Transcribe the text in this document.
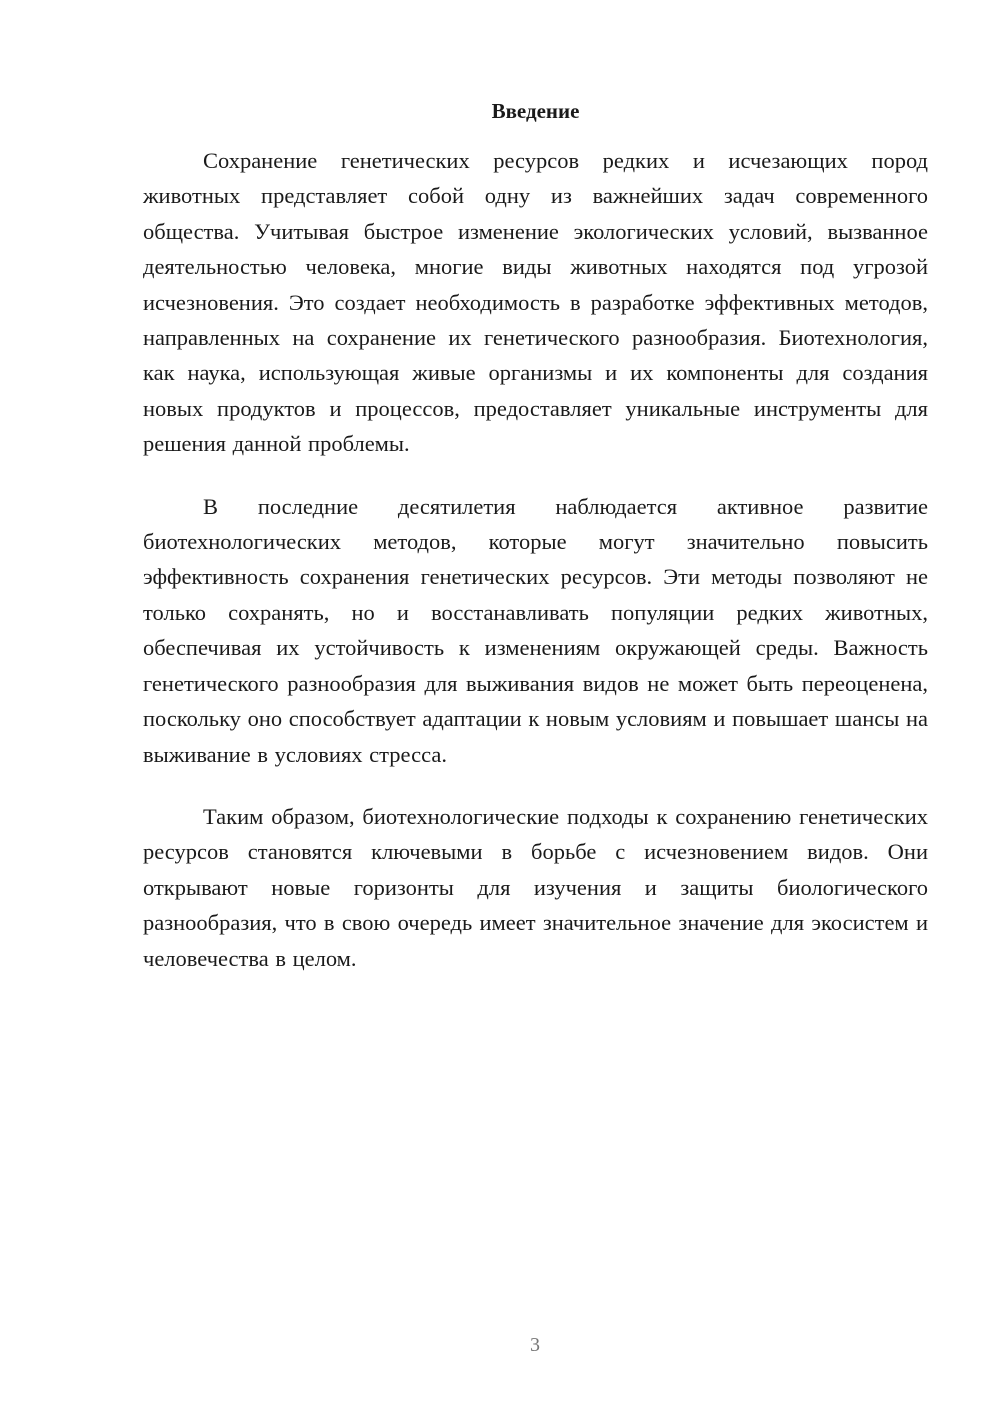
Введение

Сохранение генетических ресурсов редких и исчезающих пород животных представляет собой одну из важнейших задач современного общества. Учитывая быстрое изменение экологических условий, вызванное деятельностью человека, многие виды животных находятся под угрозой исчезновения. Это создает необходимость в разработке эффективных методов, направленных на сохранение их генетического разнообразия. Биотехнология, как наука, использующая живые организмы и их компоненты для создания новых продуктов и процессов, предоставляет уникальные инструменты для решения данной проблемы.

В последние десятилетия наблюдается активное развитие биотехнологических методов, которые могут значительно повысить эффективность сохранения генетических ресурсов. Эти методы позволяют не только сохранять, но и восстанавливать популяции редких животных, обеспечивая их устойчивость к изменениям окружающей среды. Важность генетического разнообразия для выживания видов не может быть переоценена, поскольку оно способствует адаптации к новым условиям и повышает шансы на выживание в условиях стресса.

Таким образом, биотехнологические подходы к сохранению генетических ресурсов становятся ключевыми в борьбе с исчезновением видов. Они открывают новые горизонты для изучения и защиты биологического разнообразия, что в свою очередь имеет значительное значение для экосистем и человечества в целом.

3
